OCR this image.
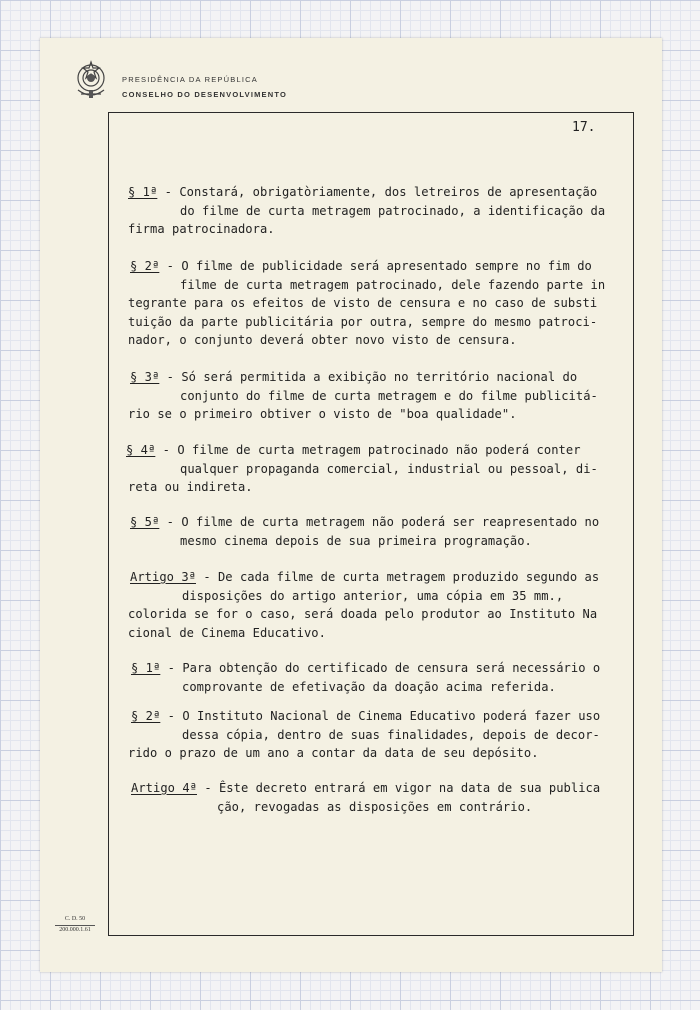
PRESIDÊNCIA DA REPÚBLICA
CONSELHO DO DESENVOLVIMENTO
17.
§ 1ª - Constará, obrigatòriamente, dos letreiros de apresentação
do filme de curta metragem patrocinado, a identificação da
firma patrocinadora.
§ 2ª - O filme de publicidade será apresentado sempre no fim do
filme de curta metragem patrocinado, dele fazendo parte in
tegrante para os efeitos de visto de censura e no caso de substi
tuição da parte publicitária por outra, sempre do mesmo patroci-
nador, o conjunto deverá obter novo visto de censura.
§ 3ª - Só será permitida a exibição no território nacional do
conjunto do filme de curta metragem e do filme publicitá-
rio se o primeiro obtiver o visto de "boa qualidade".
§ 4ª - O filme de curta metragem patrocinado não poderá conter
qualquer propaganda comercial, industrial ou pessoal, di-
reta ou indireta.
§ 5ª - O filme de curta metragem não poderá ser reapresentado no
mesmo cinema depois de sua primeira programação.
Artigo 3ª - De cada filme de curta metragem produzido segundo as
disposições do artigo anterior, uma cópia em 35 mm.,
colorida se for o caso, será doada pelo produtor ao Instituto Na
cional de Cinema Educativo.
§ 1ª - Para obtenção do certificado de censura será necessário o
comprovante de efetivação da doação acima referida.
§ 2ª - O Instituto Nacional de Cinema Educativo poderá fazer uso
dessa cópia, dentro de suas finalidades, depois de decor-
rido o prazo de um ano a contar da data de seu depósito.
Artigo 4ª - Êste decreto entrará em vigor na data de sua publica
ção, revogadas as disposições em contrário.
C. D. 50
200.000.1.61
